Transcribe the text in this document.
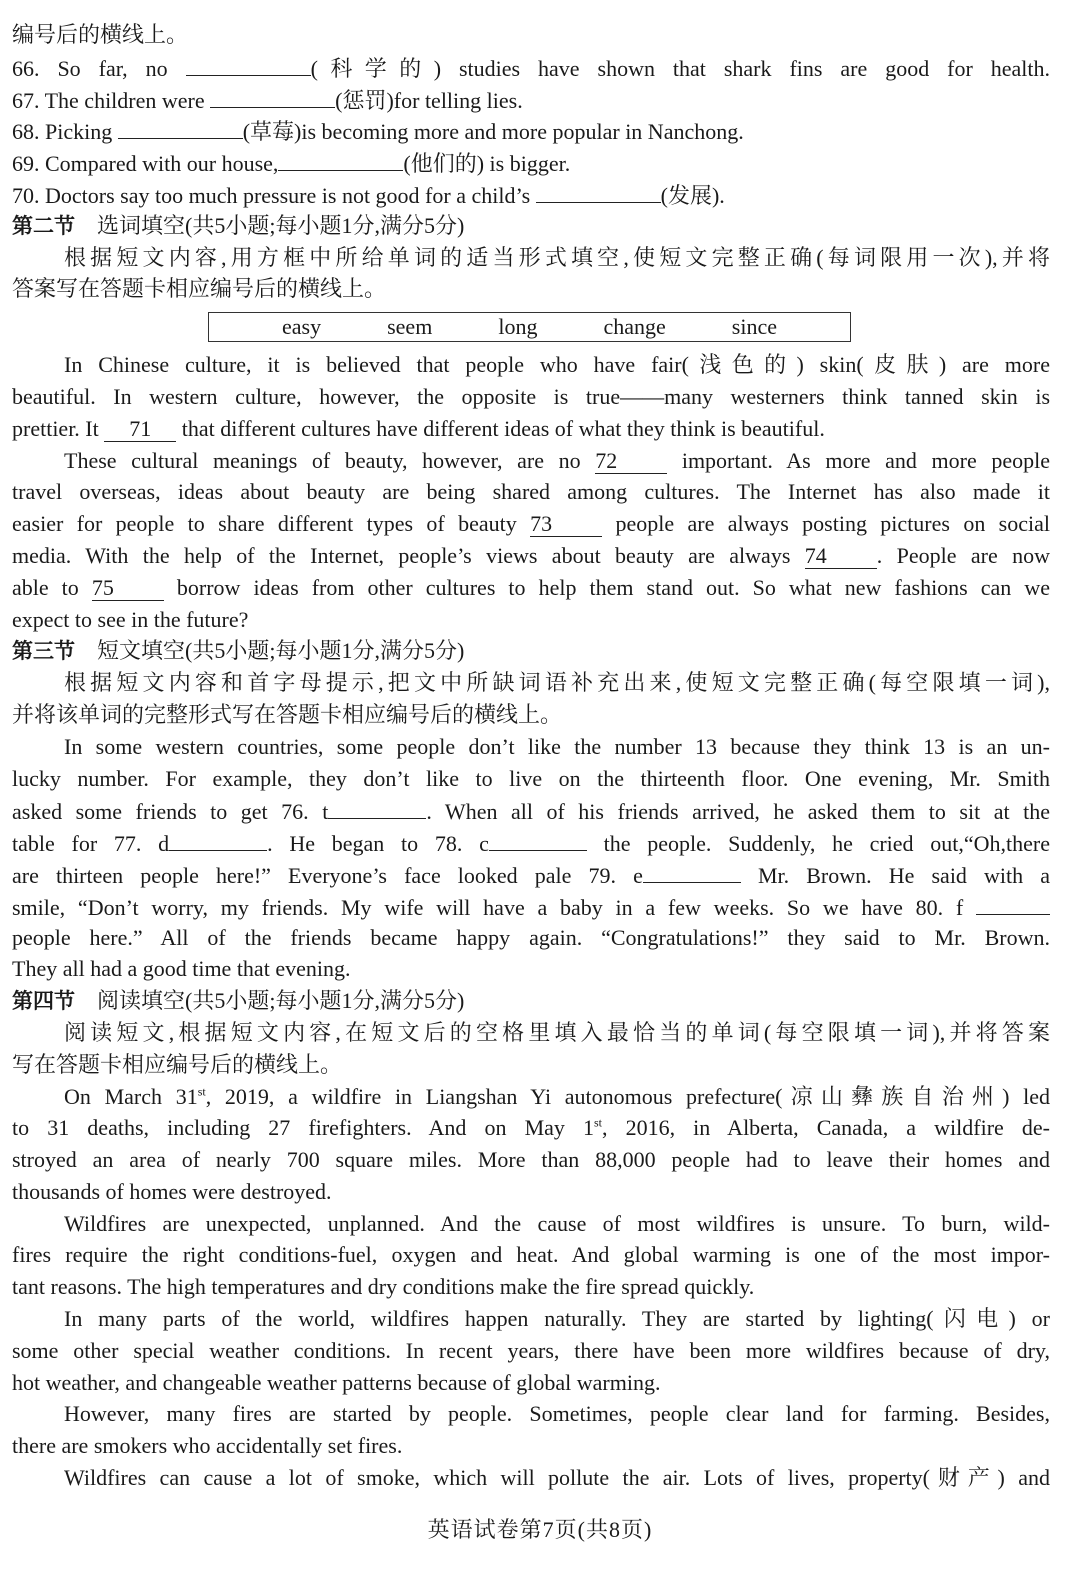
编号后的横线上。
66. So far, no	(科学的) studies have shown that shark fins are good for health.
67. The children were	(惩罚)for telling lies.
68. Picking	(草莓)is becoming more and more popular in Nanchong.
69. Compared with our house,	(他们的) is bigger.
70. Doctors say too much pressure is not good for a child’s	(发展).
第二节 选词填空(共5小题;每小题1分,满分5分)
根据短文内容,用方框中所给单词的适当形式填空,使短文完整正确(每词限用一次),并将
答案写在答题卡相应编号后的横线上。
easy	seem	long	change	since
In Chinese culture, it is believed that people who have fair(浅色的) skin(皮肤) are more
beautiful. In western culture, however, the opposite is true——many westerners think tanned skin is
prettier. It 71 that different cultures have different ideas of what they think is beautiful.
These cultural meanings of beauty, however, are no 72 important. As more and more people
travel overseas, ideas about beauty are being shared among cultures. The Internet has also made it
easier for people to share different types of beauty 73 people are always posting pictures on social
media. With the help of the Internet, people’s views about beauty are always 74 . People are now
able to 75 borrow ideas from other cultures to help them stand out. So what new fashions can we
expect to see in the future?
第三节 短文填空(共5小题;每小题1分,满分5分)
根据短文内容和首字母提示,把文中所缺词语补充出来,使短文完整正确(每空限填一词),
并将该单词的完整形式写在答题卡相应编号后的横线上。
In some western countries, some people don’t like the number 13 because they think 13 is an un-
lucky number. For example, they don’t like to live on the thirteenth floor. One evening, Mr. Smith
asked some friends to get 76. t	. When all of his friends arrived, he asked them to sit at the
table for 77. d	. He began to 78. c	the people. Suddenly, he cried out,“Oh,there
are thirteen people here!” Everyone’s face looked pale 79. e	Mr. Brown. He said with a
smile, “Don’t worry, my friends. My wife will have a baby in a few weeks. So we have 80. f
people here.” All of the friends became happy again. “Congratulations!” they said to Mr. Brown.
They all had a good time that evening.
第四节 阅读填空(共5小题;每小题1分,满分5分)
阅读短文,根据短文内容,在短文后的空格里填入最恰当的单词(每空限填一词),并将答案
写在答题卡相应编号后的横线上。
On March 31st, 2019, a wildfire in Liangshan Yi autonomous prefecture(凉山彝族自治州) led
to 31 deaths, including 27 firefighters. And on May 1st, 2016, in Alberta, Canada, a wildfire de-
stroyed an area of nearly 700 square miles. More than 88,000 people had to leave their homes and
thousands of homes were destroyed.
Wildfires are unexpected, unplanned. And the cause of most wildfires is unsure. To burn, wild-
fires require the right conditions-fuel, oxygen and heat. And global warming is one of the most impor-
tant reasons. The high temperatures and dry conditions make the fire spread quickly.
In many parts of the world, wildfires happen naturally. They are started by lighting(闪电) or
some other special weather conditions. In recent years, there have been more wildfires because of dry,
hot weather, and changeable weather patterns because of global warming.
However, many fires are started by people. Sometimes, people clear land for farming. Besides,
there are smokers who accidentally set fires.
Wildfires can cause a lot of smoke, which will pollute the air. Lots of lives, property(财产) and
英语试卷第7页(共8页)
